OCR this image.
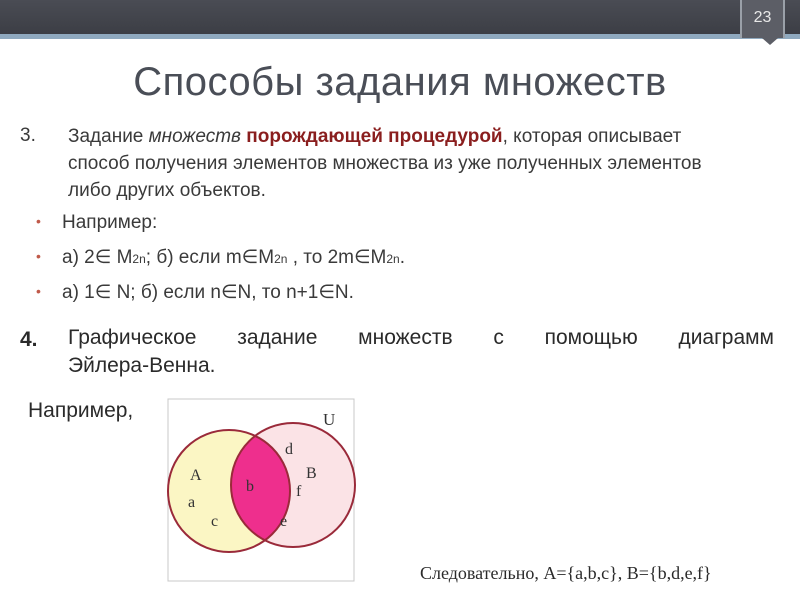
23
Способы задания множеств
3. Задание множеств порождающей процедурой, которая описывает способ получения элементов множества из уже полученных элементов либо других объектов.
• Например:
• а) 2∈ М2n; б) если m∈М2n , то 2m∈М2n.
• а) 1∈ N; б) если n∈N, то n+1∈N.
4. Графическое задание множеств с помощью диаграмм
Эйлера-Венна.
Например,	U
A	B
a
b
c
d
e
f
Следовательно, A={a,b,c}, B={b,d,e,f}
